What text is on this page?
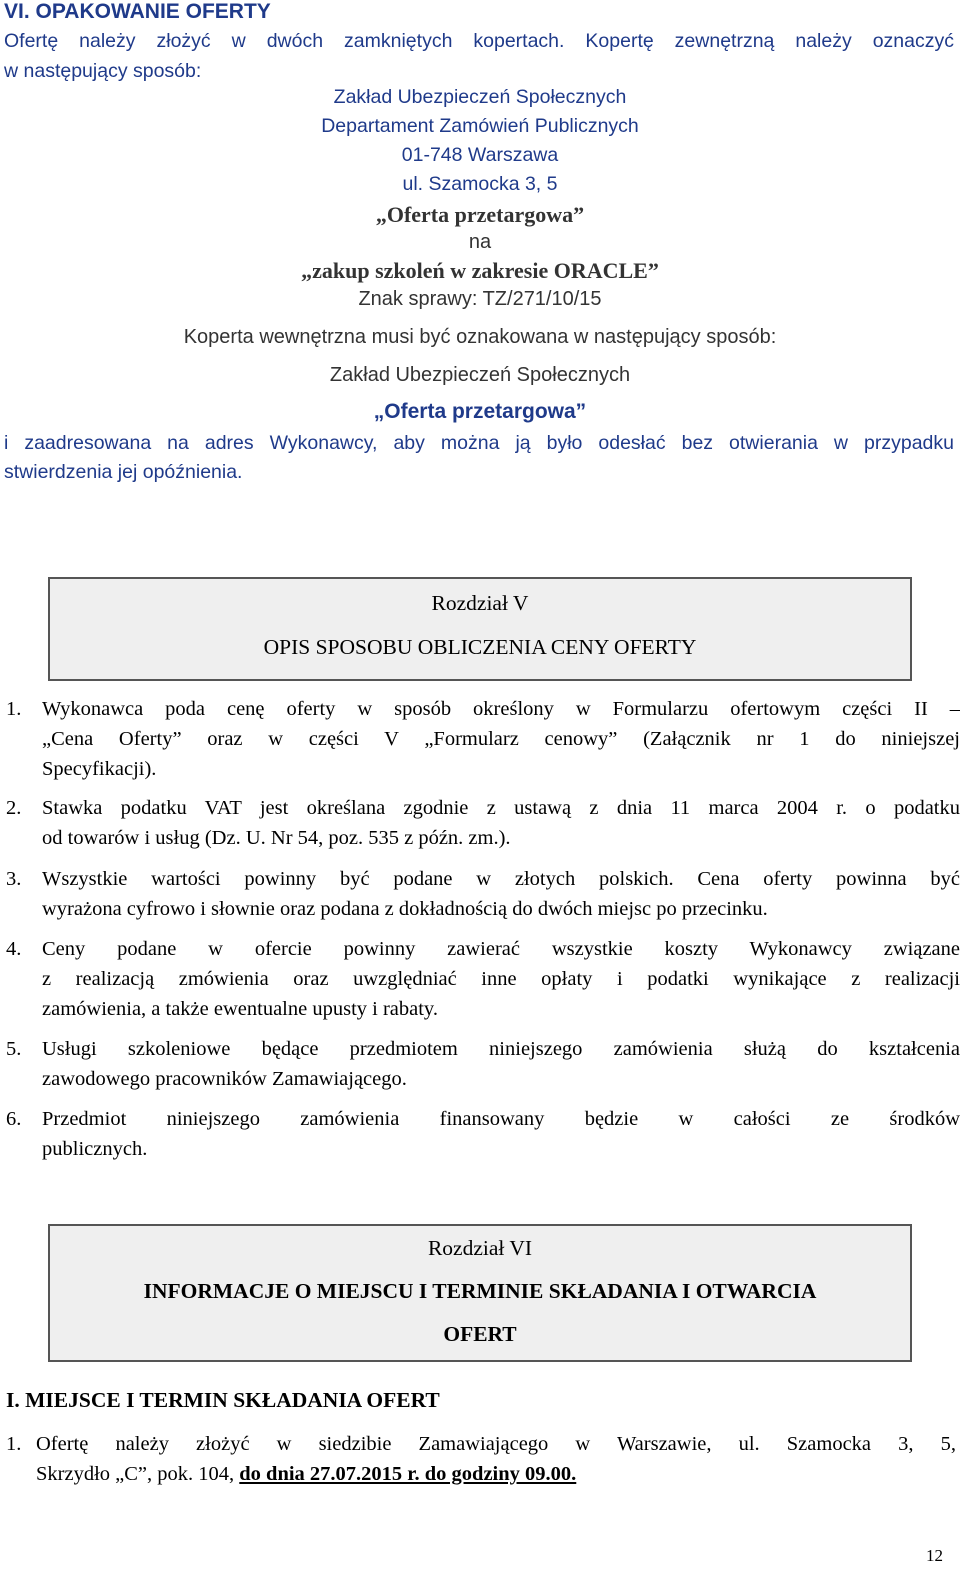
VI. OPAKOWANIE OFERTY
Ofertę należy złożyć w dwóch zamkniętych kopertach. Kopertę zewnętrzną należy oznaczyć
w następujący sposób:
Zakład Ubezpieczeń Społecznych
Departament Zamówień Publicznych
01-748 Warszawa
ul. Szamocka 3, 5
„Oferta przetargowa”
na
„zakup szkoleń w zakresie ORACLE”
Znak sprawy: TZ/271/10/15
Koperta wewnętrzna musi być oznakowana w następujący sposób:
Zakład Ubezpieczeń Społecznych
„Oferta przetargowa”
i zaadresowana na adres Wykonawcy, aby można ją było odesłać bez otwierania w przypadku
stwierdzenia jej opóźnienia.
Rozdział V
OPIS SPOSOBU OBLICZENIA CENY OFERTY
1. Wykonawca poda cenę oferty w sposób określony w Formularzu ofertowym części II –
„Cena Oferty” oraz w części V „Formularz cenowy” (Załącznik nr 1 do niniejszej
Specyfikacji).
2. Stawka podatku VAT jest określana zgodnie z ustawą z dnia 11 marca 2004 r. o podatku
od towarów i usług (Dz. U. Nr 54, poz. 535 z późn. zm.).
3. Wszystkie wartości powinny być podane w złotych polskich. Cena oferty powinna być
wyrażona cyfrowo i słownie oraz podana z dokładnością do dwóch miejsc po przecinku.
4. Ceny podane w ofercie powinny zawierać wszystkie koszty Wykonawcy związane
z realizacją zmówienia oraz uwzględniać inne opłaty i podatki wynikające z realizacji
zamówienia, a także ewentualne upusty i rabaty.
5. Usługi szkoleniowe będące przedmiotem niniejszego zamówienia służą do kształcenia
zawodowego pracowników Zamawiającego.
6. Przedmiot niniejszego zamówienia finansowany będzie w całości ze środków
publicznych.
Rozdział VI
INFORMACJE O MIEJSCU I TERMINIE SKŁADANIA I OTWARCIA
OFERT
I. MIEJSCE I TERMIN SKŁADANIA OFERT
1. Ofertę należy złożyć w siedzibie Zamawiającego w Warszawie, ul. Szamocka 3, 5,
Skrzydło „C”, pok. 104, do dnia 27.07.2015 r. do godziny 09.00.
12
